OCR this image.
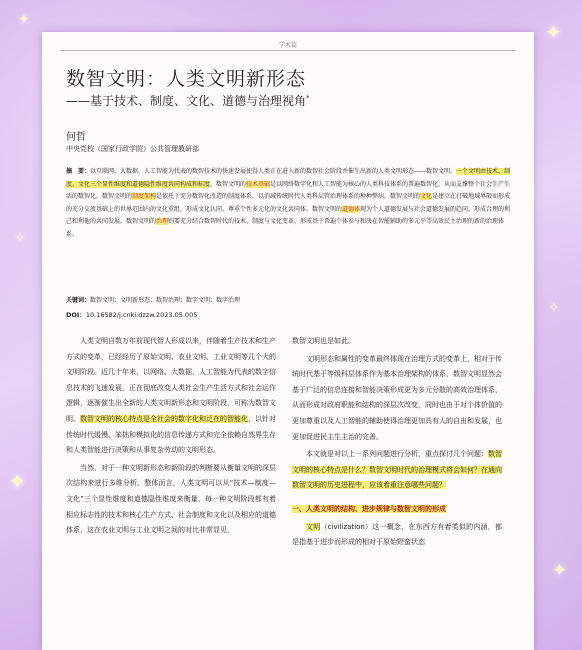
✦	✦
✦
✧
✦
✧
学术篇
数智文明：人类文明新形态
——基于技术、制度、文化、道德与治理视角*
何哲
中央党校（国家行政学院）公共管理教研部
摘　要：以互联网、大数据、人工智能为代表的数智技术的快速发展使得人类正在进入新的数智社会阶段并催生出新的人类文明形态——数智文明。一个文明由技术、制度、文化三个显性维度和道德隐性维度共同构成和标度。数智文明的技术基础是以网络数字化和人工智能为核心的人类科技体系的普遍数智化，从而支撑整个社会生产生活的数智化。数智文明的制度架构是依托于充分数智化改造的制度体系，以消减传统时代人类科层管治理体系的种种弊病。数智文明的文化是建立在打破地域界限而形成的充分交流基础上的世界范围内的文化重组，形成文化认同、尊重个性多元化的文化共同体。数智文明的道德体现为个人道德发展与社会道德发展的趋同，形成合理的利己和利他的共同发展。数智文明的治理则要充分结合数智时代的技术、制度与文化变革，形成基于普遍个体参与和决在智能辅助的多元平等高效民主治理的新的治理体系。
关键词：数智文明；文明新形态；数智治理；数字文明；数字治理
DOI：10.16582/j.cnki.dzzw.2023.05.005

人类文明自数万年前现代智人形成以来，伴随着生产技术和生产方式的变革，已经经历了原始文明、农业文明、工业文明等几个大的文明阶段。近几十年来，以网络、大数据、人工智能为代表的数字信息技术的飞速发展，正在彻底改变人类社会生产生活方式和社会运作逻辑，逐渐催生出全新的人类文明新形态和文明阶段，可称为数智文明。数智文明的核心特点是全社会的数字化和泛在的智能化，以针对传统时代缓慢、笨拙和模拟化的信息传递方式和完全依赖自然界生存和人类智能进行决策和从事复杂劳动的文明形态。

当然，对于一种文明新形态和新阶段的判断要从衡量文明的深层次结构来进行多维分析。整体而言，人类文明可以从“技术—制度—文化”三个显性维度和道德隐性维度来衡量，每一种文明阶段都有着相应标志性的技术和核心生产方式、社会制度和文化以及相应的道德体系，这在农业文明与工业文明之间的对比非常显见，

数智文明也是如此。

文明形态和属性的变革最终体现在治理方式的变革上，相对于传统时代基于等级科层体系作为基本治理架构的体系，数智文明显然会基于广泛的信息连接和智能决策形成更为多元分散的高效治理体系，从而形成对政府职能和结构的深层次改变，同时也由于对个体价值的更加尊重以及人工智能的辅助使得治理更加具有人的自由和发展，也更加促进民主生主治的完善。

本文就是对以上一系列问题进行分析，重点探讨几个问题：数智文明的核心特点是什么？数智文明时代的治理模式将会如何？在通向数智文明的历史进程中，应该着重注意哪些问题？

一、人类文明的结构、进步规律与数智文明的形成

文明（civilization）这一概念，在东西方有着类似的内涵，都是指基于进步而形成的相对于原始野蛮状态
